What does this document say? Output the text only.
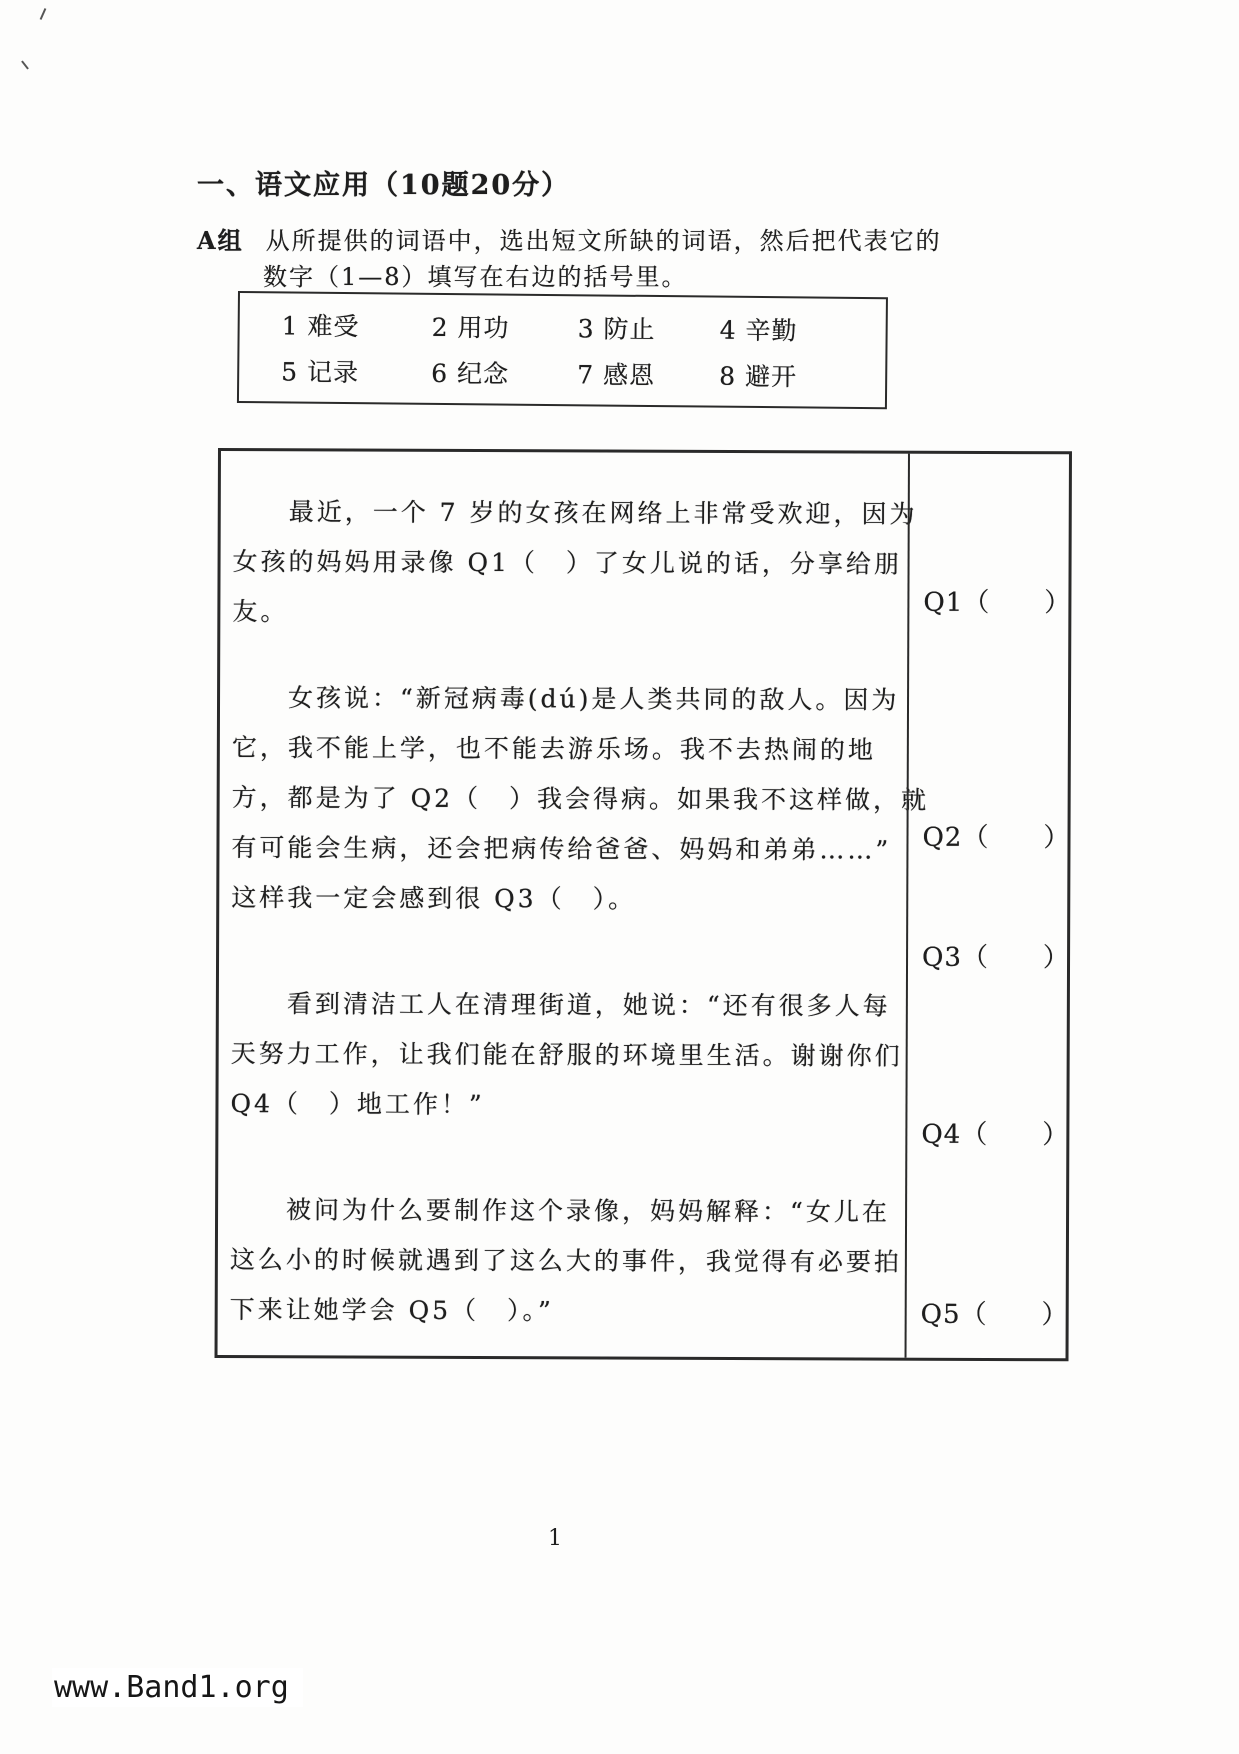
一、语文应用（10题20分）
A组 从所提供的词语中，选出短文所缺的词语，然后把代表它的
数字（1—8）填写在右边的括号里。
1 难受	2 用功	3 防止	4 辛勤
5 记录	6 纪念	7 感恩	8 避开
最近，一个 7 岁的女孩在网络上非常受欢迎，因为
女孩的妈妈用录像 Q1（　）了女儿说的话，分享给朋
友。
女孩说：“新冠病毒(dú)是人类共同的敌人。因为
它，我不能上学，也不能去游乐场。我不去热闹的地
方，都是为了 Q2（　）我会得病。如果我不这样做，就
有可能会生病，还会把病传给爸爸、妈妈和弟弟……”
这样我一定会感到很 Q3（　）。
看到清洁工人在清理街道，她说：“还有很多人每
天努力工作，让我们能在舒服的环境里生活。谢谢你们
Q4（　）地工作！”
被问为什么要制作这个录像，妈妈解释：“女儿在
这么小的时候就遇到了这么大的事件，我觉得有必要拍
下来让她学会 Q5（　）。”
Q1（　　）
Q2（　　）
Q3（　　）
Q4（　　）
Q5（　　）
1
www.Band1.org
